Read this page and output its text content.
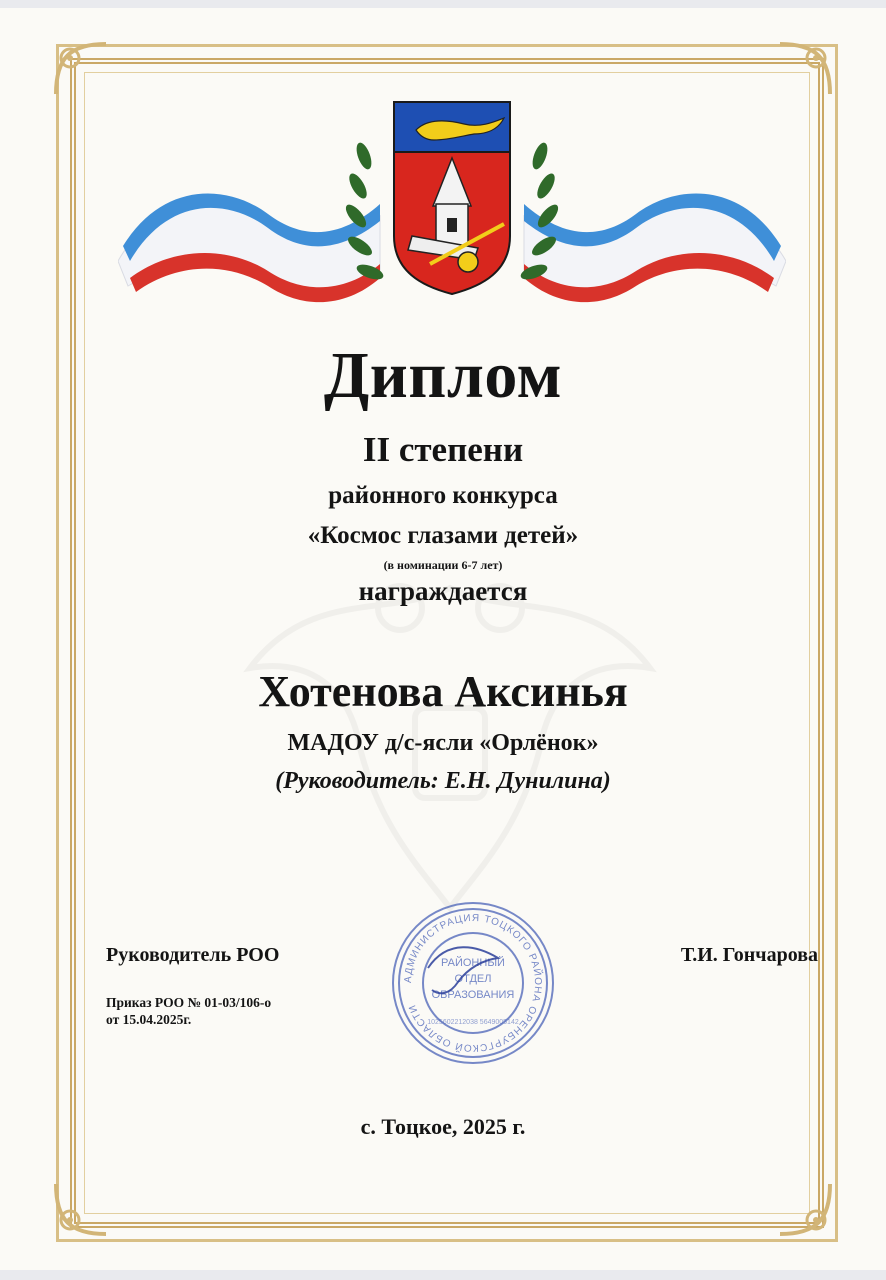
Диплом

II степени

районного конкурса

«Космос глазами детей»

(в номинации 6-7 лет)

награждается

Хотенова Аксинья

МАДОУ д/с-ясли «Орлёнок»

(Руководитель: Е.Н. Дунилина)

Руководитель РОО
Приказ РОО № 01-03/106-о
от 15.04.2025г.
Т.И. Гончарова
АДМИНИСТРАЦИЯ ТОЦКОГО РАЙОНА ОРЕНБУРГСКОЙ ОБЛАСТИ
РАЙОННЫЙ
ОТДЕЛ
ОБРАЗОВАНИЯ
1025602212038 5649005142
с. Тоцкое, 2025 г.
